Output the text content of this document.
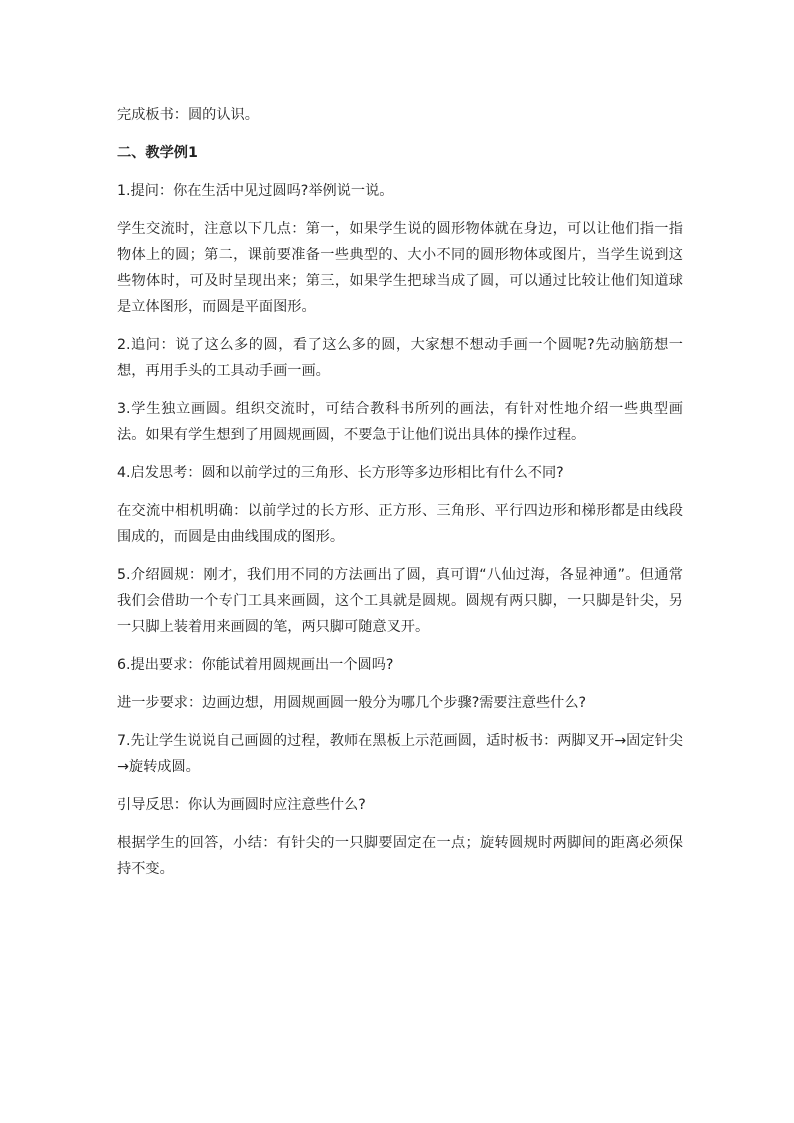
完成板书：圆的认识。

二、教学例1

1.提问：你在生活中见过圆吗?举例说一说。

学生交流时，注意以下几点：第一，如果学生说的圆形物体就在身边，可以让他们指一指物体上的圆；第二，课前要准备一些典型的、大小不同的圆形物体或图片，当学生说到这些物体时，可及时呈现出来；第三，如果学生把球当成了圆，可以通过比较让他们知道球是立体图形，而圆是平面图形。

2.追问：说了这么多的圆，看了这么多的圆，大家想不想动手画一个圆呢?先动脑筋想一想，再用手头的工具动手画一画。

3.学生独立画圆。组织交流时，可结合教科书所列的画法，有针对性地介绍一些典型画法。如果有学生想到了用圆规画圆，不要急于让他们说出具体的操作过程。

4.启发思考：圆和以前学过的三角形、长方形等多边形相比有什么不同?

在交流中相机明确：以前学过的长方形、正方形、三角形、平行四边形和梯形都是由线段围成的，而圆是由曲线围成的图形。

5.介绍圆规：刚才，我们用不同的方法画出了圆，真可谓“八仙过海，各显神通”。但通常我们会借助一个专门工具来画圆，这个工具就是圆规。圆规有两只脚，一只脚是针尖，另一只脚上装着用来画圆的笔，两只脚可随意叉开。

6.提出要求：你能试着用圆规画出一个圆吗?

进一步要求：边画边想，用圆规画圆一般分为哪几个步骤?需要注意些什么?

7.先让学生说说自己画圆的过程，教师在黑板上示范画圆，适时板书：两脚叉开→固定针尖→旋转成圆。

引导反思：你认为画圆时应注意些什么?

根据学生的回答，小结：有针尖的一只脚要固定在一点；旋转圆规时两脚间的距离必须保持不变。
